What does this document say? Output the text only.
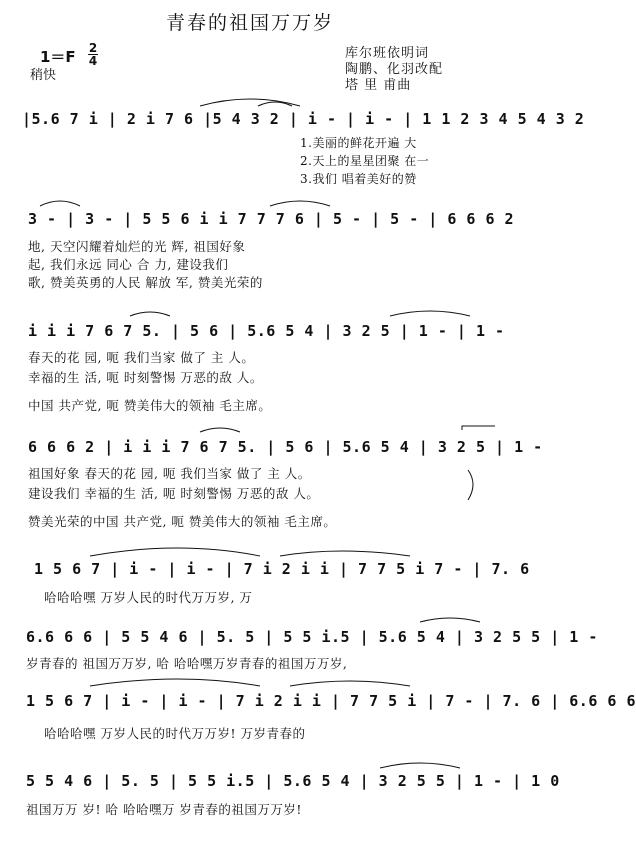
青春的祖国万万岁
1＝F 2
4
稍快
库尔班依明词
陶鹏、化羽改配
塔 里 甫曲
|5.6 7 i | 2 i 7 6 |5 4 3 2 | i - | i - | 1 1 2 3 4 5 4 3 2
1.美丽的鲜花开遍 大
2.天上的星星团聚 在一
3.我们 唱着美好的赞
3 - | 3 - | 5 5 6 i i 7 7 7 6 | 5 - | 5 - | 6 6 6 2
地, 天空闪耀着灿烂的光 辉, 祖国好象
起, 我们永远 同心 合 力, 建设我们
歌, 赞美英勇的人民 解放 军, 赞美光荣的
i i i 7 6 7 5. | 5 6 | 5.6 5 4 | 3 2 5 | 1 - | 1 -
春天的花 园, 呃 我们当家 做了 主 人。
幸福的生 活, 呃 时刻警惕 万恶的敌 人。
中国 共产党, 呃 赞美伟大的领袖 毛主席。
6 6 6 2 | i i i 7 6 7 5. | 5 6 | 5.6 5 4 | 3 2 5 | 1 -
祖国好象 春天的花 园, 呃 我们当家 做了 主 人。
建设我们 幸福的生 活, 呃 时刻警惕 万恶的敌 人。
赞美光荣的中国 共产党, 呃 赞美伟大的领袖 毛主席。
1 5 6 7 | i - | i - | 7 i 2 i i | 7 7 5 i 7 - | 7. 6
哈哈哈嘿 万岁人民的时代万万岁, 万
6.6 6 6 | 5 5 4 6 | 5. 5 | 5 5 i.5 | 5.6 5 4 | 3 2 5 5 | 1 -
岁青春的 祖国万万岁, 哈 哈哈嘿万岁青春的祖国万万岁,
1 5 6 7 | i - | i - | 7 i 2 i i | 7 7 5 i | 7 - | 7. 6 | 6.6 6 6
哈哈哈嘿 万岁人民的时代万万岁! 万岁青春的
5 5 4 6 | 5. 5 | 5 5 i.5 | 5.6 5 4 | 3 2 5 5 | 1 - | 1 0
祖国万万 岁! 哈 哈哈嘿万 岁青春的祖国万万岁!
